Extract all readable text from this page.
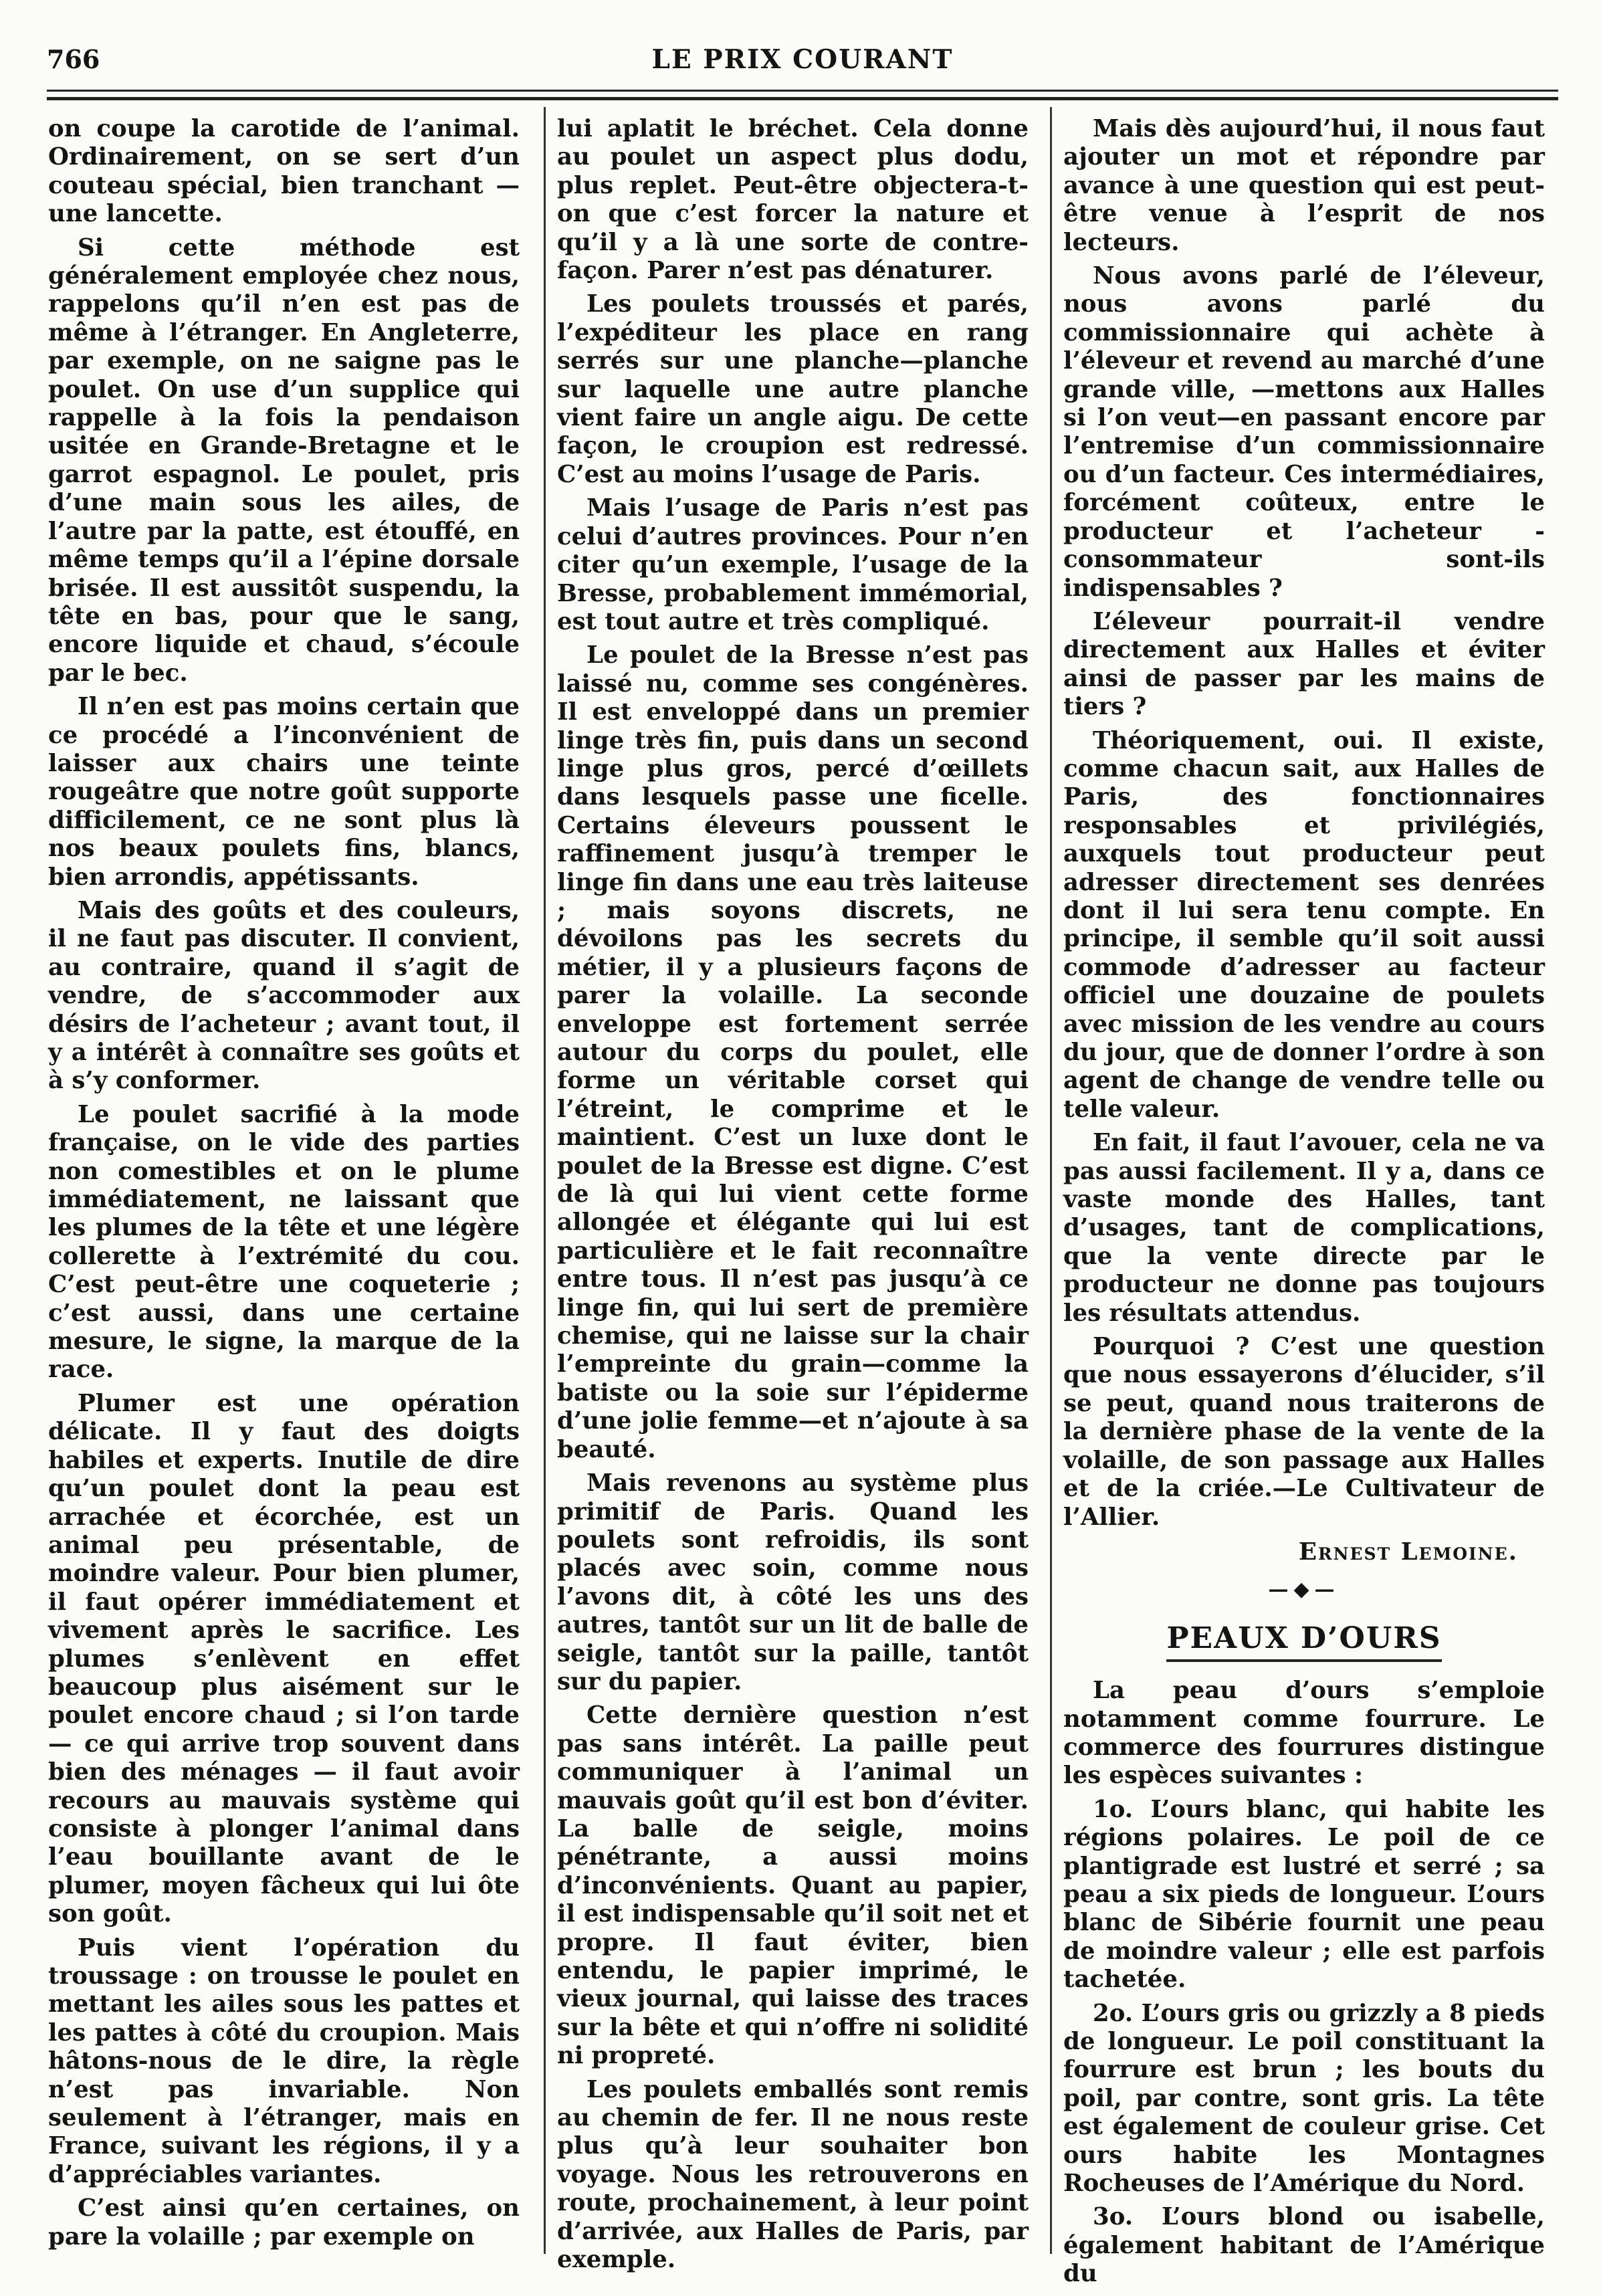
766	LE PRIX COURANT

on coupe la carotide de l’animal. Ordinairement, on se sert d’un couteau spécial, bien tranchant — une lancette.

Si cette méthode est généralement employée chez nous, rappelons qu’il n’en est pas de même à l’étranger. En Angleterre, par exemple, on ne saigne pas le poulet. On use d’un supplice qui rappelle à la fois la pendaison usitée en Grande-Bretagne et le garrot espagnol. Le poulet, pris d’une main sous les ailes, de l’autre par la patte, est étouffé, en même temps qu’il a l’épine dorsale brisée. Il est aussitôt suspendu, la tête en bas, pour que le sang, encore liquide et chaud, s’écoule par le bec.

Il n’en est pas moins certain que ce procédé a l’inconvénient de laisser aux chairs une teinte rougeâtre que notre goût supporte difficilement, ce ne sont plus là nos beaux poulets fins, blancs, bien arrondis, appétissants.

Mais des goûts et des couleurs, il ne faut pas discuter. Il convient, au contraire, quand il s’agit de vendre, de s’accommoder aux désirs de l’acheteur ; avant tout, il y a intérêt à connaître ses goûts et à s’y conformer.

Le poulet sacrifié à la mode française, on le vide des parties non comestibles et on le plume immédiatement, ne laissant que les plumes de la tête et une légère collerette à l’extrémité du cou. C’est peut-être une coqueterie ; c’est aussi, dans une certaine mesure, le signe, la marque de la race.

Plumer est une opération délicate. Il y faut des doigts habiles et experts. Inutile de dire qu’un poulet dont la peau est arrachée et écorchée, est un animal peu présentable, de moindre valeur. Pour bien plumer, il faut opérer immédiatement et vivement après le sacrifice. Les plumes s’enlèvent en effet beaucoup plus aisément sur le poulet encore chaud ; si l’on tarde — ce qui arrive trop souvent dans bien des ménages — il faut avoir recours au mauvais système qui consiste à plonger l’animal dans l’eau bouillante avant de le plumer, moyen fâcheux qui lui ôte son goût.

Puis vient l’opération du troussage : on trousse le poulet en mettant les ailes sous les pattes et les pattes à côté du croupion. Mais hâtons-nous de le dire, la règle n’est pas invariable. Non seulement à l’étranger, mais en France, suivant les régions, il y a d’appréciables variantes.

C’est ainsi qu’en certaines, on pare la volaille ; par exemple on

lui aplatit le bréchet. Cela donne au poulet un aspect plus dodu, plus replet. Peut-être objectera-t-on que c’est forcer la nature et qu’il y a là une sorte de contre-façon. Parer n’est pas dénaturer.

Les poulets troussés et parés, l’expéditeur les place en rang serrés sur une planche—planche sur laquelle une autre planche vient faire un angle aigu. De cette façon, le croupion est redressé. C’est au moins l’usage de Paris.

Mais l’usage de Paris n’est pas celui d’autres provinces. Pour n’en citer qu’un exemple, l’usage de la Bresse, probablement immémorial, est tout autre et très compliqué.

Le poulet de la Bresse n’est pas laissé nu, comme ses congénères. Il est enveloppé dans un premier linge très fin, puis dans un second linge plus gros, percé d’œillets dans lesquels passe une ficelle. Certains éleveurs poussent le raffinement jusqu’à tremper le linge fin dans une eau très laiteuse ; mais soyons discrets, ne dévoilons pas les secrets du métier, il y a plusieurs façons de parer la volaille. La seconde enveloppe est fortement serrée autour du corps du poulet, elle forme un véritable corset qui l’étreint, le comprime et le maintient. C’est un luxe dont le poulet de la Bresse est digne. C’est de là qui lui vient cette forme allongée et élégante qui lui est particulière et le fait reconnaître entre tous. Il n’est pas jusqu’à ce linge fin, qui lui sert de première chemise, qui ne laisse sur la chair l’empreinte du grain—comme la batiste ou la soie sur l’épiderme d’une jolie femme—et n’ajoute à sa beauté.

Mais revenons au système plus primitif de Paris. Quand les poulets sont refroidis, ils sont placés avec soin, comme nous l’avons dit, à côté les uns des autres, tantôt sur un lit de balle de seigle, tantôt sur la paille, tantôt sur du papier.

Cette dernière question n’est pas sans intérêt. La paille peut communiquer à l’animal un mauvais goût qu’il est bon d’éviter. La balle de seigle, moins pénétrante, a aussi moins d’inconvénients. Quant au papier, il est indispensable qu’il soit net et propre. Il faut éviter, bien entendu, le papier imprimé, le vieux journal, qui laisse des traces sur la bête et qui n’offre ni solidité ni propreté.

Les poulets emballés sont remis au chemin de fer. Il ne nous reste plus qu’à leur souhaiter bon voyage. Nous les retrouverons en route, prochainement, à leur point d’arrivée, aux Halles de Paris, par exemple.

Mais dès aujourd’hui, il nous faut ajouter un mot et répondre par avance à une question qui est peut-être venue à l’esprit de nos lecteurs.

Nous avons parlé de l’éleveur, nous avons parlé du commissionnaire qui achète à l’éleveur et revend au marché d’une grande ville, —mettons aux Halles si l’on veut—en passant encore par l’entremise d’un commissionnaire ou d’un facteur. Ces intermédiaires, forcément coûteux, entre le producteur et l’acheteur - consommateur sont-ils indispensables ?

L’éleveur pourrait-il vendre directement aux Halles et éviter ainsi de passer par les mains de tiers ?

Théoriquement, oui. Il existe, comme chacun sait, aux Halles de Paris, des fonctionnaires responsables et privilégiés, auxquels tout producteur peut adresser directement ses denrées dont il lui sera tenu compte. En principe, il semble qu’il soit aussi commode d’adresser au facteur officiel une douzaine de poulets avec mission de les vendre au cours du jour, que de donner l’ordre à son agent de change de vendre telle ou telle valeur.

En fait, il faut l’avouer, cela ne va pas aussi facilement. Il y a, dans ce vaste monde des Halles, tant d’usages, tant de complications, que la vente directe par le producteur ne donne pas toujours les résultats attendus.

Pourquoi ? C’est une question que nous essayerons d’élucider, s’il se peut, quand nous traiterons de la dernière phase de la vente de la volaille, de son passage aux Halles et de la criée.—Le Cultivateur de l’Allier.

Ernest Lemoine.
—◆—
PEAUX D’OURS

La peau d’ours s’emploie notamment comme fourrure. Le commerce des fourrures distingue les espèces suivantes :

1o. L’ours blanc, qui habite les régions polaires. Le poil de ce plantigrade est lustré et serré ; sa peau a six pieds de longueur. L’ours blanc de Sibérie fournit une peau de moindre valeur ; elle est parfois tachetée.

2o. L’ours gris ou grizzly a 8 pieds de longueur. Le poil constituant la fourrure est brun ; les bouts du poil, par contre, sont gris. La tête est également de couleur grise. Cet ours habite les Montagnes Rocheuses de l’Amérique du Nord.

3o. L’ours blond ou isabelle, également habitant de l’Amérique du
